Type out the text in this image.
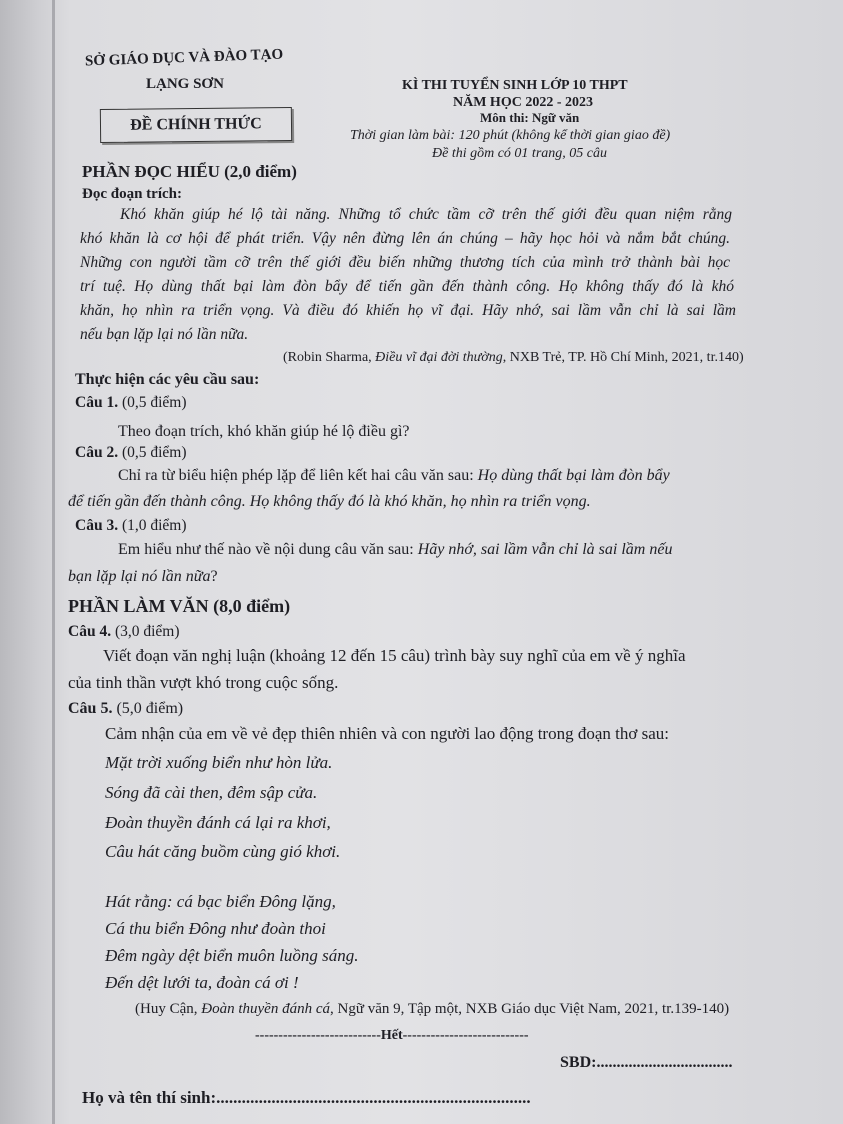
SỞ GIÁO DỤC VÀ ĐÀO TẠO
LẠNG SƠN
ĐỀ CHÍNH THỨC
KÌ THI TUYỂN SINH LỚP 10 THPT
NĂM HỌC 2022 - 2023
Môn thi: Ngữ văn
Thời gian làm bài: 120 phút (không kể thời gian giao đề)
Đề thi gồm có 01 trang, 05 câu
PHẦN ĐỌC HIỂU (2,0 điểm)
Đọc đoạn trích:
Khó khăn giúp hé lộ tài năng. Những tổ chức tầm cỡ trên thế giới đều quan niệm rằng
khó khăn là cơ hội để phát triển. Vậy nên đừng lên án chúng – hãy học hỏi và nắm bắt chúng.
Những con người tầm cỡ trên thế giới đều biến những thương tích của mình trở thành bài học
trí tuệ. Họ dùng thất bại làm đòn bẩy để tiến gần đến thành công. Họ không thấy đó là khó
khăn, họ nhìn ra triển vọng. Và điều đó khiến họ vĩ đại. Hãy nhớ, sai lầm vẫn chỉ là sai lầm
nếu bạn lặp lại nó lần nữa.
(Robin Sharma, Điều vĩ đại đời thường, NXB Trẻ, TP. Hồ Chí Minh, 2021, tr.140)
Thực hiện các yêu cầu sau:
Câu 1. (0,5 điểm)
Theo đoạn trích, khó khăn giúp hé lộ điều gì?
Câu 2. (0,5 điểm)
Chỉ ra từ biểu hiện phép lặp để liên kết hai câu văn sau: Họ dùng thất bại làm đòn bẩy
để tiến gần đến thành công. Họ không thấy đó là khó khăn, họ nhìn ra triển vọng.
Câu 3. (1,0 điểm)
Em hiểu như thế nào về nội dung câu văn sau: Hãy nhớ, sai lầm vẫn chỉ là sai lầm nếu
bạn lặp lại nó lần nữa?
PHẦN LÀM VĂN (8,0 điểm)
Câu 4. (3,0 điểm)
Viết đoạn văn nghị luận (khoảng 12 đến 15 câu) trình bày suy nghĩ của em về ý nghĩa
của tinh thần vượt khó trong cuộc sống.
Câu 5. (5,0 điểm)
Cảm nhận của em về vẻ đẹp thiên nhiên và con người lao động trong đoạn thơ sau:
Mặt trời xuống biển như hòn lửa.
Sóng đã cài then, đêm sập cửa.
Đoàn thuyền đánh cá lại ra khơi,
Câu hát căng buồm cùng gió khơi.
Hát rằng: cá bạc biển Đông lặng,
Cá thu biển Đông như đoàn thoi
Đêm ngày dệt biển muôn luồng sáng.
Đến dệt lưới ta, đoàn cá ơi !
(Huy Cận, Đoàn thuyền đánh cá, Ngữ văn 9, Tập một, NXB Giáo dục Việt Nam, 2021, tr.139-140)
---------------------------Hết---------------------------
SBD:..................................
Họ và tên thí sinh:..........................................................................
